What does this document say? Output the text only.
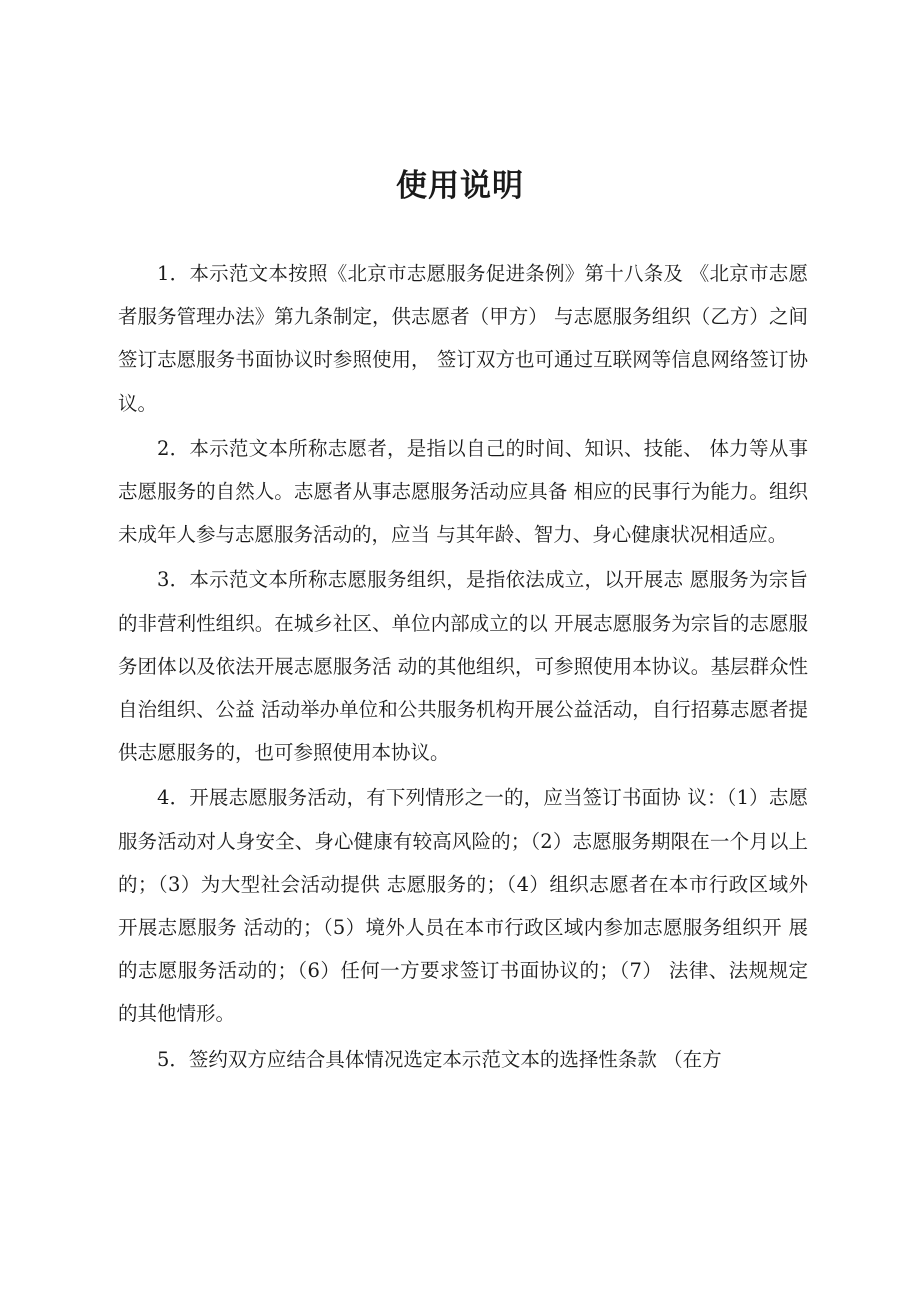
使用说明

1．本示范文本按照《北京市志愿服务促进条例》第十八条及 《北京市志愿者服务管理办法》第九条制定，供志愿者（甲方） 与志愿服务组织（乙方）之间签订志愿服务书面协议时参照使用， 签订双方也可通过互联网等信息网络签订协议。

2．本示范文本所称志愿者，是指以自己的时间、知识、技能、 体力等从事志愿服务的自然人。志愿者从事志愿服务活动应具备 相应的民事行为能力。组织未成年人参与志愿服务活动的，应当 与其年龄、智力、身心健康状况相适应。

3．本示范文本所称志愿服务组织，是指依法成立，以开展志 愿服务为宗旨的非营利性组织。在城乡社区、单位内部成立的以 开展志愿服务为宗旨的志愿服务团体以及依法开展志愿服务活 动的其他组织，可参照使用本协议。基层群众性自治组织、公益 活动举办单位和公共服务机构开展公益活动，自行招募志愿者提 供志愿服务的，也可参照使用本协议。

4．开展志愿服务活动，有下列情形之一的，应当签订书面协 议：（1）志愿服务活动对人身安全、身心健康有较高风险的；（2）志愿服务期限在一个月以上的；（3）为大型社会活动提供 志愿服务的；（4）组织志愿者在本市行政区域外开展志愿服务 活动的；（5）境外人员在本市行政区域内参加志愿服务组织开 展的志愿服务活动的；（6）任何一方要求签订书面协议的；（7） 法律、法规规定的其他情形。

5．签约双方应结合具体情况选定本示范文本的选择性条款 （在方
